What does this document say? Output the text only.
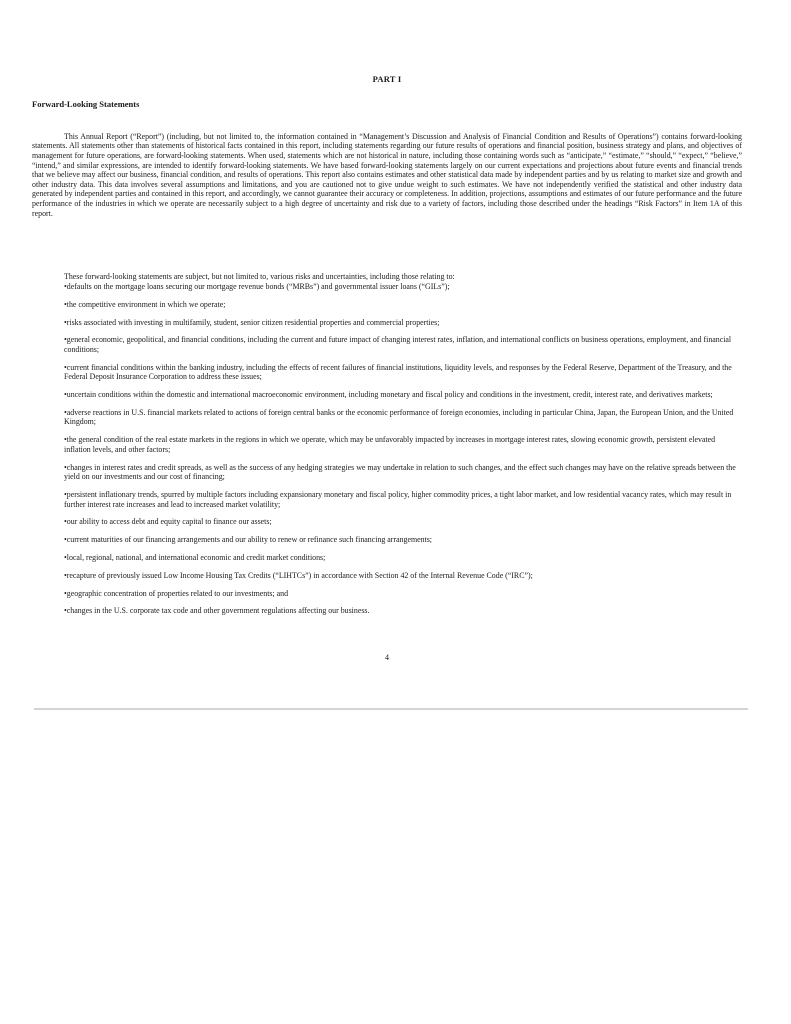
PART I
Forward-Looking Statements

This Annual Report (“Report”) (including, but not limited to, the information contained in “Management’s Discussion and Analysis of Financial Condition and Results of Operations”) contains forward-looking statements. All statements other than statements of historical facts contained in this report, including statements regarding our future results of operations and financial position, business strategy and plans, and objectives of management for future operations, are forward-looking statements. When used, statements which are not historical in nature, including those containing words such as “anticipate,” “estimate,” “should,” “expect,” “believe,” “intend,” and similar expressions, are intended to identify forward-looking statements. We have based forward-looking statements largely on our current expectations and projections about future events and financial trends that we believe may affect our business, financial condition, and results of operations. This report also contains estimates and other statistical data made by independent parties and by us relating to market size and growth and other industry data. This data involves several assumptions and limitations, and you are cautioned not to give undue weight to such estimates. We have not independently verified the statistical and other industry data generated by independent parties and contained in this report, and accordingly, we cannot guarantee their accuracy or completeness. In addition, projections, assumptions and estimates of our future performance and the future performance of the industries in which we operate are necessarily subject to a high degree of uncertainty and risk due to a variety of factors, including those described under the headings “Risk Factors” in Item 1A of this report.

These forward-looking statements are subject, but not limited to, various risks and uncertainties, including those relating to:

•defaults on the mortgage loans securing our mortgage revenue bonds (“MRBs”) and governmental issuer loans (“GILs”);
•the competitive environment in which we operate;
•risks associated with investing in multifamily, student, senior citizen residential properties and commercial properties;
•general economic, geopolitical, and financial conditions, including the current and future impact of changing interest rates, inflation, and international conflicts on business operations, employment, and financial conditions;
•current financial conditions within the banking industry, including the effects of recent failures of financial institutions, liquidity levels, and responses by the Federal Reserve, Department of the Treasury, and the Federal Deposit Insurance Corporation to address these issues;
•uncertain conditions within the domestic and international macroeconomic environment, including monetary and fiscal policy and conditions in the investment, credit, interest rate, and derivatives markets;
•adverse reactions in U.S. financial markets related to actions of foreign central banks or the economic performance of foreign economies, including in particular China, Japan, the European Union, and the United Kingdom;
•the general condition of the real estate markets in the regions in which we operate, which may be unfavorably impacted by increases in mortgage interest rates, slowing economic growth, persistent elevated inflation levels, and other factors;
•changes in interest rates and credit spreads, as well as the success of any hedging strategies we may undertake in relation to such changes, and the effect such changes may have on the relative spreads between the yield on our investments and our cost of financing;
•persistent inflationary trends, spurred by multiple factors including expansionary monetary and fiscal policy, higher commodity prices, a tight labor market, and low residential vacancy rates, which may result in further interest rate increases and lead to increased market volatility;
•our ability to access debt and equity capital to finance our assets;
•current maturities of our financing arrangements and our ability to renew or refinance such financing arrangements;
•local, regional, national, and international economic and credit market conditions;
•recapture of previously issued Low Income Housing Tax Credits (“LIHTCs”) in accordance with Section 42 of the Internal Revenue Code (“IRC”);
•geographic concentration of properties related to our investments; and
•changes in the U.S. corporate tax code and other government regulations affecting our business.
4
